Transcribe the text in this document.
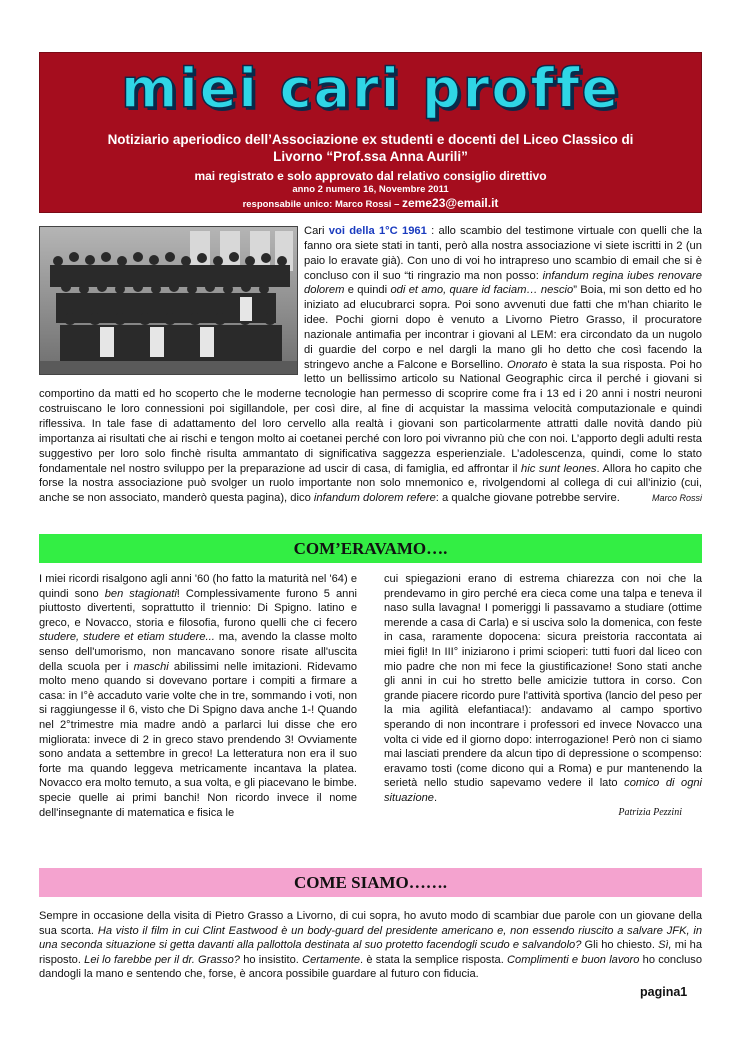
miei cari proffe
Notiziario aperiodico dell’Associazione ex studenti e docenti del Liceo Classico di
Livorno “Prof.ssa Anna Aurili”
mai registrato e solo approvato dal relativo consiglio direttivo
anno 2 numero 16, Novembre 2011
responsabile unico: Marco Rossi – zeme23@email.it
Cari voi della 1°C 1961 : allo scambio del testimone virtuale con quelli che la fanno ora siete stati in tanti, però alla nostra associazione vi siete iscritti in 2 (un paio lo eravate già). Con uno di voi ho intrapreso uno scambio di email che si è concluso con il suo “ti ringrazio ma non posso: infandum regina iubes renovare dolorem e quindi odi et amo, quare id faciam… nescio” Boia, mi son detto ed ho iniziato ad elucubrarci sopra. Poi sono avvenuti due fatti che m’han chiarito le idee. Pochi giorni dopo è venuto a Livorno Pietro Grasso, il procuratore nazionale antimafia per incontrar i giovani al LEM: era circondato da un nugolo di guardie del corpo e nel dargli la mano gli ho detto che così facendo la stringevo anche a Falcone e Borsellino. Onorato è stata la sua risposta. Poi ho letto un bellissimo articolo su National Geographic circa il perché i giovani si comportino da matti ed ho scoperto che le moderne tecnologie han permesso di scoprire come fra i 13 ed i 20 anni i nostri neuroni costruiscano le loro connessioni poi sigillandole, per così dire, al fine di acquistar la massima velocità computazionale e quindi riflessiva. In tale fase di adattamento del loro cervello alla realtà i giovani son particolarmente attratti dalle novità dando più importanza ai risultati che ai rischi e tengon molto ai coetanei perché con loro poi vivranno più che con noi. L’apporto degli adulti resta suggestivo per loro solo finchè risulta ammantato di significativa saggezza esperienziale. L’adolescenza, quindi, come lo stato fondamentale nel nostro sviluppo per la preparazione ad uscir di casa, di famiglia, ed affrontar il hic sunt leones. Allora ho capito che forse la nostra associazione può svolger un ruolo importante non solo mnemonico e, rivolgendomi al collega di cui all’inizio (cui, anche se non associato, manderò questa pagina), dico infandum dolorem refere: a qualche giovane potrebbe servire.	Marco Rossi
COM’ERAVAMO….
I miei ricordi risalgono agli anni '60 (ho fatto la maturità nel '64) e quindi sono ben stagionati! Complessivamente furono 5 anni piuttosto divertenti, soprattutto il triennio: Di Spigno. latino e greco, e Novacco, storia e filosofia, furono quelli che ci fecero studere, studere et etiam studere... ma, avendo la classe molto senso dell'umorismo, non mancavano sonore risate all'uscita della scuola per i maschi abilissimi nelle imitazioni. Ridevamo molto meno quando si dovevano portare i compiti a firmare a casa: in I°è accaduto varie volte che in tre, sommando i voti, non si raggiungesse il 6, visto che Di Spigno dava anche 1-! Quando nel 2°trimestre mia madre andò a parlarci lui disse che ero migliorata: invece di 2 in greco stavo prendendo 3! Ovviamente sono andata a settembre in greco! La letteratura non era il suo forte ma quando leggeva metricamente incantava la platea. Novacco era molto temuto, a sua volta, e gli piacevano le bimbe. specie quelle ai primi banchi! Non ricordo invece il nome dell'insegnante di matematica e fisica le
cui spiegazioni erano di estrema chiarezza con noi che la prendevamo in giro perché era cieca come una talpa e teneva il naso sulla lavagna! I pomeriggi li passavamo a studiare (ottime merende a casa di Carla) e si usciva solo la domenica, con feste in casa, raramente dopocena: sicura preistoria raccontata ai miei figli! In III° iniziarono i primi scioperi: tutti fuori dal liceo con mio padre che non mi fece la giustificazione! Sono stati anche gli anni in cui ho stretto belle amicizie tuttora in corso. Con grande piacere ricordo pure l'attività sportiva (lancio del peso per la mia agilità elefantiaca!): andavamo al campo sportivo sperando di non incontrare i professori ed invece Novacco una volta ci vide ed il giorno dopo: interrogazione! Però non ci siamo mai lasciati prendere da alcun tipo di depressione o scompenso: eravamo tosti (come dicono qui a Roma) e pur mantenendo la serietà nello studio sapevamo vedere il lato comico di ogni situazione.
Patrizia Pezzini
COME SIAMO…….
Sempre in occasione della visita di Pietro Grasso a Livorno, di cui sopra, ho avuto modo di scambiar due parole con un giovane della sua scorta. Ha visto il film in cui Clint Eastwood è un body-guard del presidente americano e, non essendo riuscito a salvare JFK, in una seconda situazione si getta davanti alla pallottola destinata al suo protetto facendogli scudo e salvandolo? Gli ho chiesto. Sì, mi ha risposto. Lei lo farebbe per il dr. Grasso? ho insistito. Certamente. è stata la semplice risposta. Complimenti e buon lavoro ho concluso dandogli la mano e sentendo che, forse, è ancora possibile guardare al futuro con fiducia.
pagina1
